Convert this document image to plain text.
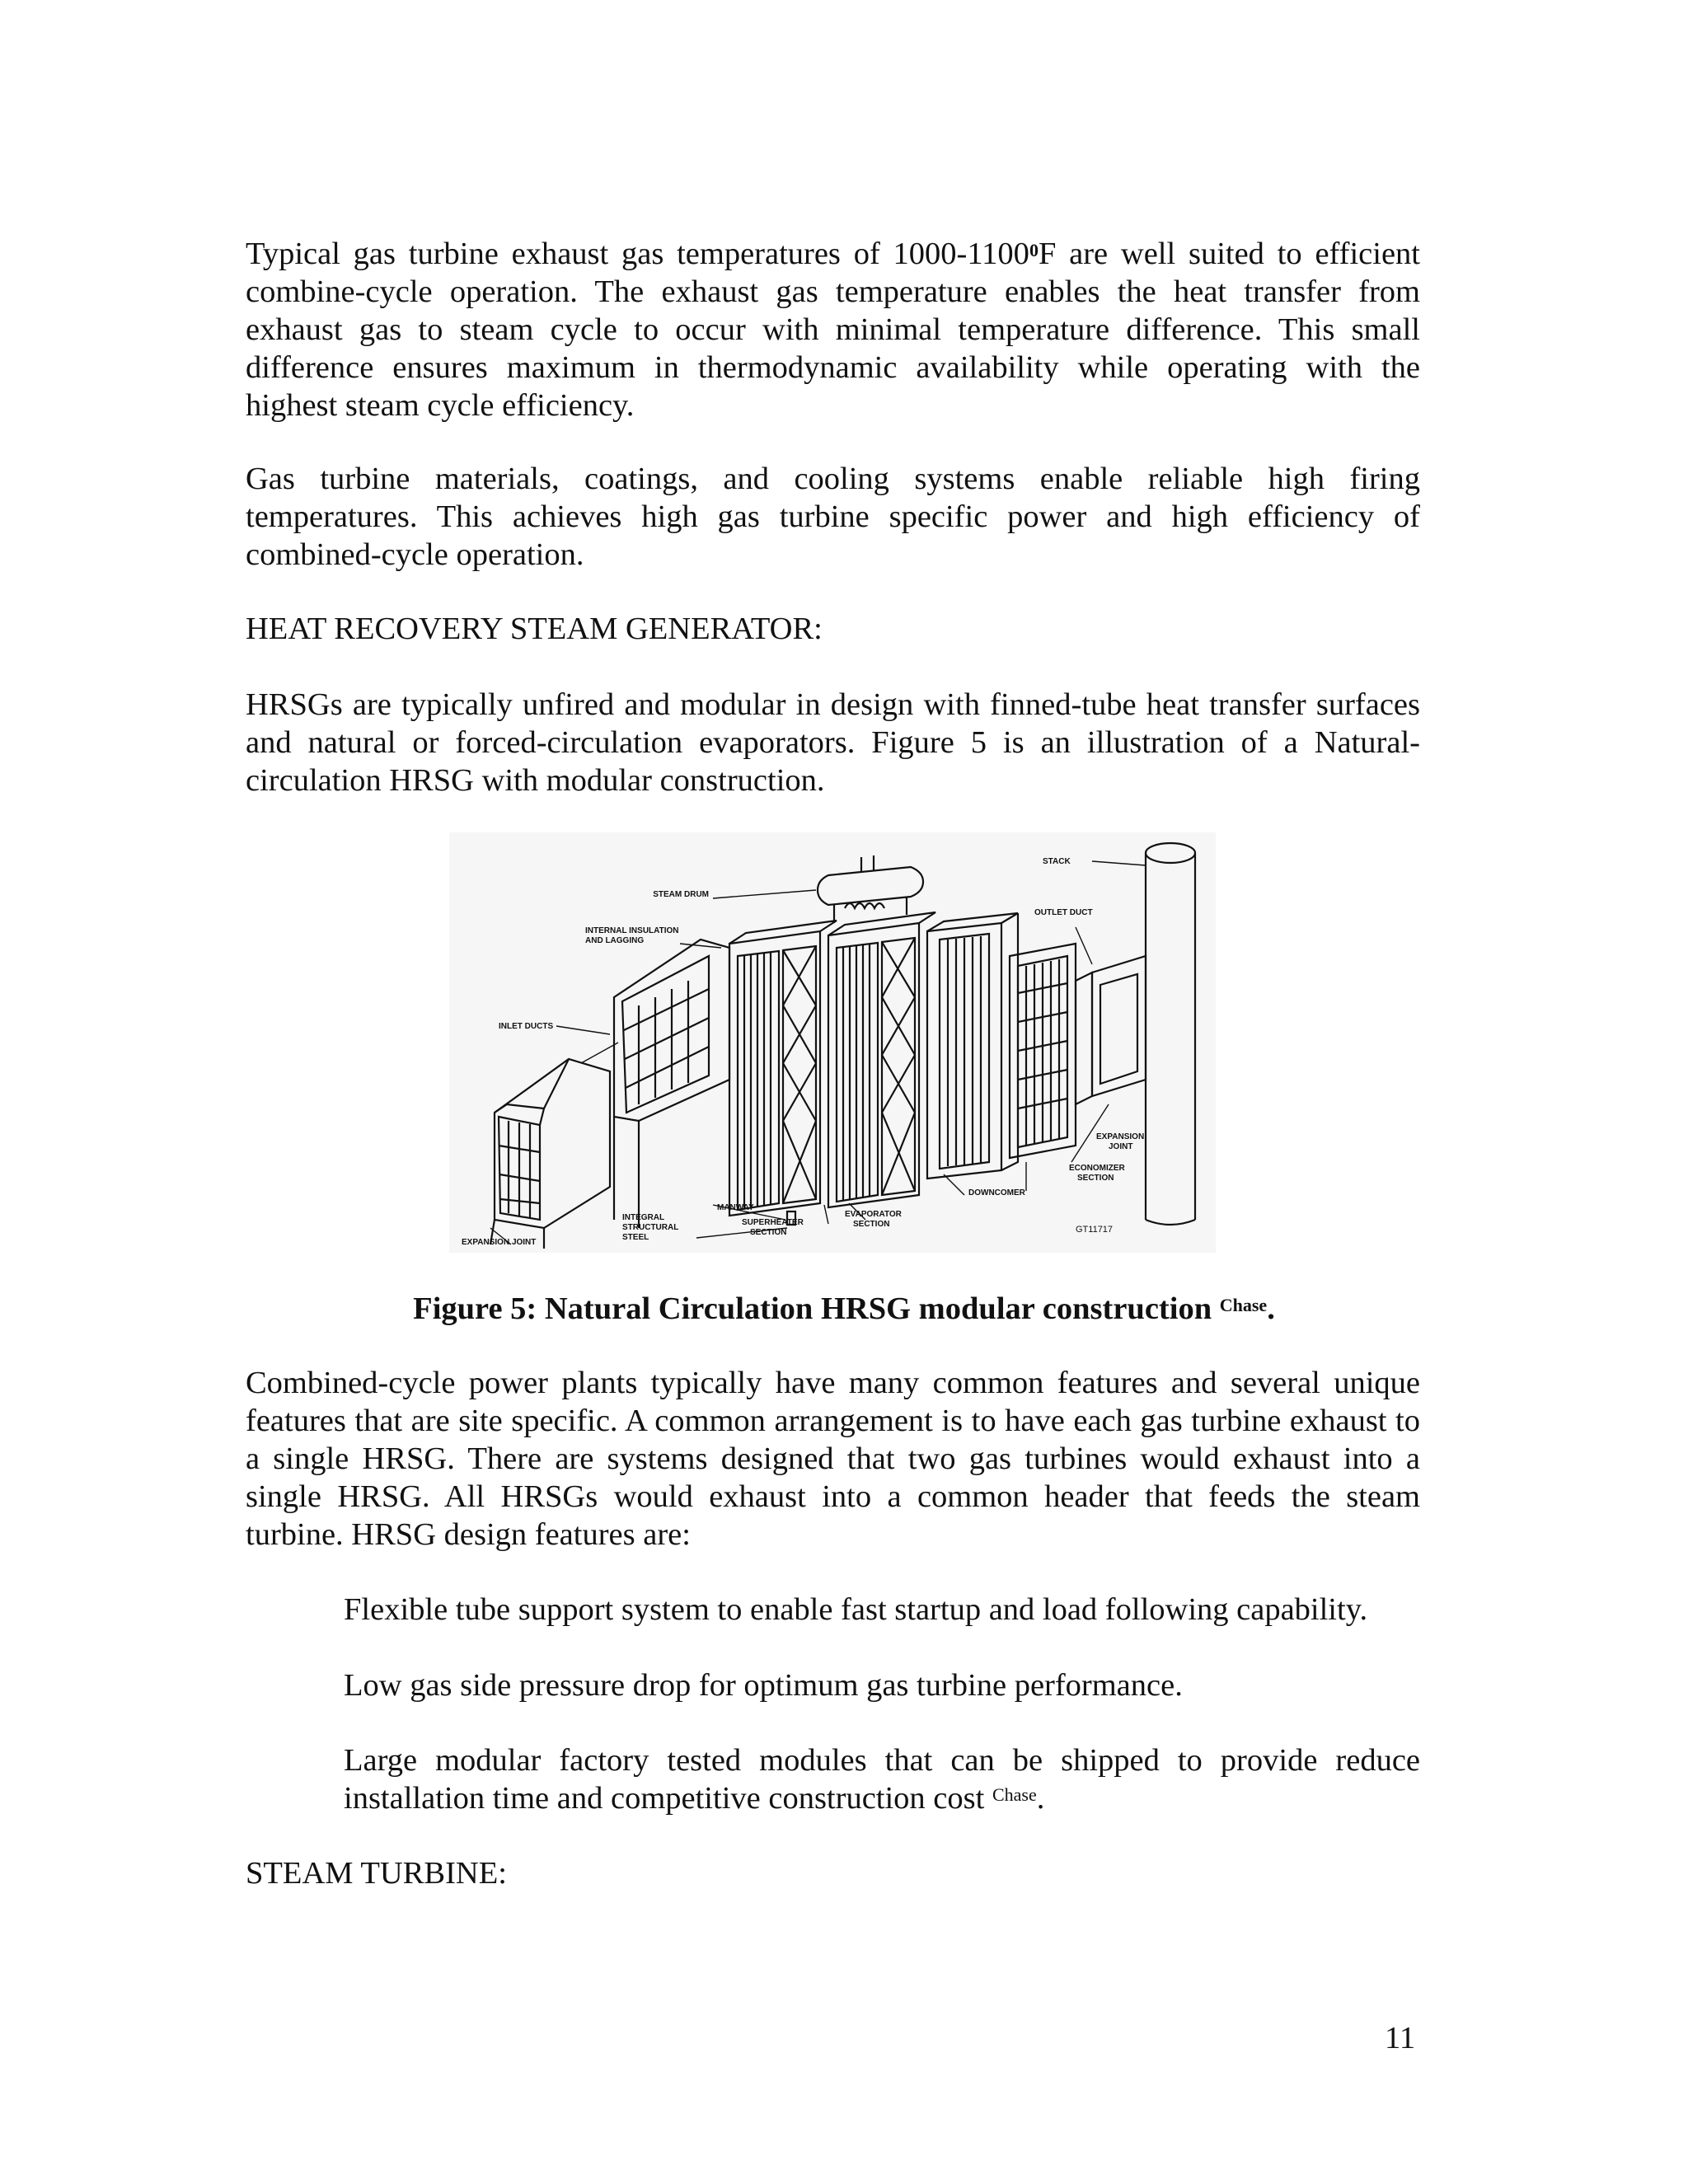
Typical gas turbine exhaust gas temperatures of 1000-1100$^0$F are well suited to efficient combine-cycle operation. The exhaust gas temperature enables the heat transfer from exhaust gas to steam cycle to occur with minimal temperature difference. This small difference ensures maximum in thermodynamic availability while operating with the highest steam cycle efficiency.

Gas turbine materials, coatings, and cooling systems enable reliable high firing temperatures. This achieves high gas turbine specific power and high efficiency of combined-cycle operation.

HEAT RECOVERY STEAM GENERATOR:

HRSGs are typically unfired and modular in design with finned-tube heat transfer surfaces and natural or forced-circulation evaporators. Figure 5 is an illustration of a Natural-circulation HRSG with modular construction.

STEAM DRUM
STACK
OUTLET DUCT
INTERNAL INSULATION
AND LAGGING
INLET DUCTS
EXPANSION
JOINT
ECONOMIZER
SECTION
DOWNCOMER
MANWAY
EVAPORATOR
SECTION
INTEGRAL
STRUCTURAL
STEEL
SUPERHEATER
SECTION
EXPANSION JOINT
GT11717

Figure 5: Natural Circulation HRSG modular construction $^{Chase}$.

Combined-cycle power plants typically have many common features and several unique features that are site specific. A common arrangement is to have each gas turbine exhaust to a single HRSG. There are systems designed that two gas turbines would exhaust into a single HRSG. All HRSGs would exhaust into a common header that feeds the steam turbine. HRSG design features are:

Flexible tube support system to enable fast startup and load following capability.

Low gas side pressure drop for optimum gas turbine performance.

Large modular factory tested modules that can be shipped to provide reduce installation time and competitive construction cost $^{Chase}$.

STEAM TURBINE:

11
